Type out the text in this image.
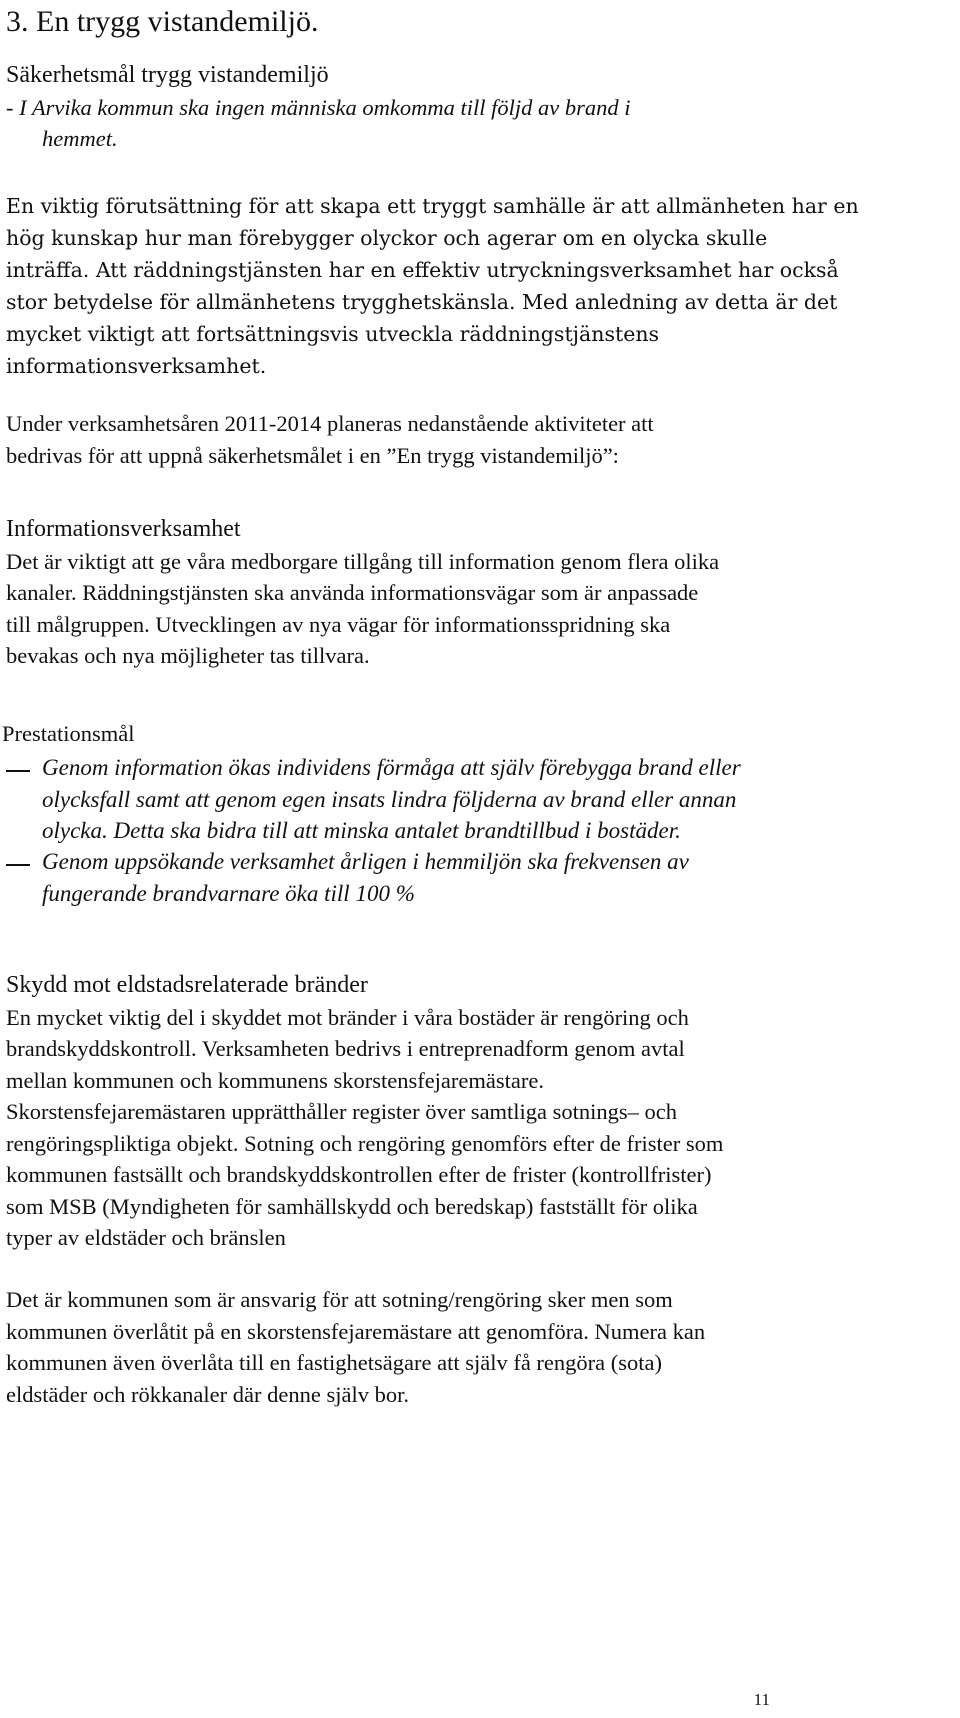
3. En trygg vistandemiljö.
Säkerhetsmål trygg vistandemiljö
- I Arvika kommun ska ingen människa omkomma till följd av brand i
hemmet.
En viktig förutsättning för att skapa ett tryggt samhälle är att allmänheten har en
hög kunskap hur man förebygger olyckor och agerar om en olycka skulle
inträffa. Att räddningstjänsten har en effektiv utryckningsverksamhet har också
stor betydelse för allmänhetens trygghetskänsla. Med anledning av detta är det
mycket viktigt att fortsättningsvis utveckla räddningstjänstens
informationsverksamhet.
Under verksamhetsåren 2011-2014 planeras nedanstående aktiviteter att
bedrivas för att uppnå säkerhetsmålet i en ”En trygg vistandemiljö”:
Informationsverksamhet
Det är viktigt att ge våra medborgare tillgång till information genom flera olika
kanaler. Räddningstjänsten ska använda informationsvägar som är anpassade
till målgruppen. Utvecklingen av nya vägar för informationsspridning ska
bevakas och nya möjligheter tas tillvara.
Prestationsmål
Genom information ökas individens förmåga att själv förebygga brand eller
olycksfall samt att genom egen insats lindra följderna av brand eller annan
olycka. Detta ska bidra till att minska antalet brandtillbud i bostäder.
Genom uppsökande verksamhet årligen i hemmiljön ska frekvensen av
fungerande brandvarnare öka till 100 %
Skydd mot eldstadsrelaterade bränder
En mycket viktig del i skyddet mot bränder i våra bostäder är rengöring och
brandskyddskontroll. Verksamheten bedrivs i entreprenadform genom avtal
mellan kommunen och kommunens skorstensfejaremästare.
Skorstensfejaremästaren upprätthåller register över samtliga sotnings– och
rengöringspliktiga objekt. Sotning och rengöring genomförs efter de frister som
kommunen fastsällt och brandskyddskontrollen efter de frister (kontrollfrister)
som MSB (Myndigheten för samhällskydd och beredskap) fastställt för olika
typer av eldstäder och bränslen
Det är kommunen som är ansvarig för att sotning/rengöring sker men som
kommunen överlåtit på en skorstensfejaremästare att genomföra. Numera kan
kommunen även överlåta till en fastighetsägare att själv få rengöra (sota)
eldstäder och rökkanaler där denne själv bor.
11
